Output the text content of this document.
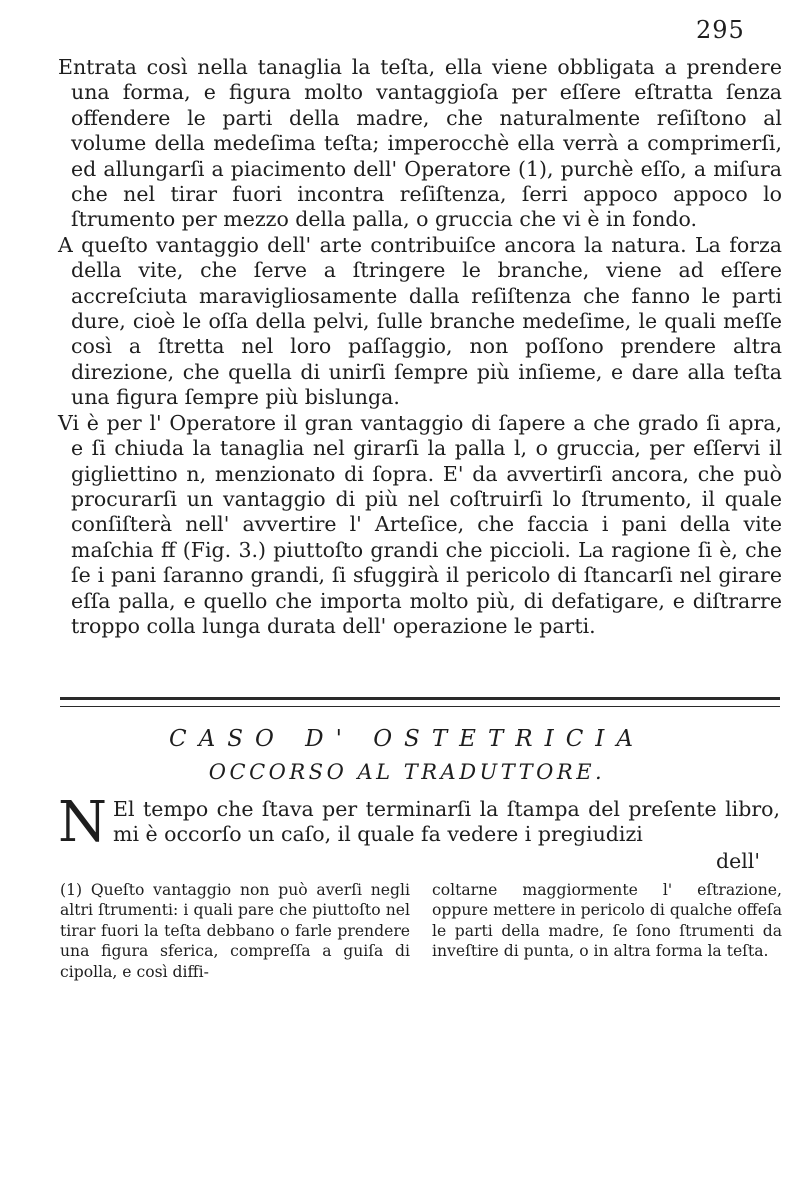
295

Entrata così nella tanaglia la teſta, ella viene obbligata a prendere una forma, e figura molto vantaggioſa per eſſere eſtratta ſenza offendere le parti della madre, che naturalmente reſiſtono al volume della medeſima teſta; imperocchè ella verrà a comprimerſi, ed allungarſi a piacimento dell' Operatore (1), purchè eſſo, a miſura che nel tirar fuori incontra reſiſtenza, ſerri appoco appoco lo ſtrumento per mezzo della palla, o gruccia che vi è in fondo.

A queſto vantaggio dell' arte contribuiſce ancora la natura. La forza della vite, che ſerve a ſtringere le branche, viene ad eſſere accreſciuta maravigliosamente dalla reſiſtenza che fanno le parti dure, cioè le oſſa della pelvi, ſulle branche medeſime, le quali meſſe così a ſtretta nel loro paſſaggio, non poſſono prendere altra direzione, che quella di unirſi ſempre più inſieme, e dare alla teſta una figura ſempre più bislunga.

Vi è per l' Operatore il gran vantaggio di ſapere a che grado ſi apra, e ſi chiuda la tanaglia nel girarſi la palla l, o gruccia, per eſſervi il gigliettino n, menzionato di ſopra. E' da avvertirſi ancora, che può procurarſi un vantaggio di più nel coſtruirſi lo ſtrumento, il quale conſiſterà nell' avvertire l' Arteſice, che faccia i pani della vite maſchia ff (Fig. 3.) piuttoſto grandi che piccioli. La ragione ſi è, che ſe i pani ſaranno grandi, ſi sfuggirà il pericolo di ſtancarſi nel girare eſſa palla, e quello che importa molto più, di defatigare, e diſtrarre troppo colla lunga durata dell' operazione le parti.

CASO D' OSTETRICIA
OCCORSO AL TRADUTTORE.
N El tempo che ſtava per terminarſi la ſtampa del preſente libro, mi è occorſo un caſo, il quale fa vedere i pregiudizi
dell'

(1) Queſto vantaggio non può averſi negli altri ſtrumenti: i quali pare che piuttoſto nel tirar fuori la teſta debbano o farle prendere una figura sferica, compreſſa a guiſa di cipolla, e così diffi-

coltarne maggiormente l' eſtrazione, oppure mettere in pericolo di qualche offeſa le parti della madre, ſe ſono ſtrumenti da inveſtire di punta, o in altra forma la teſta.
